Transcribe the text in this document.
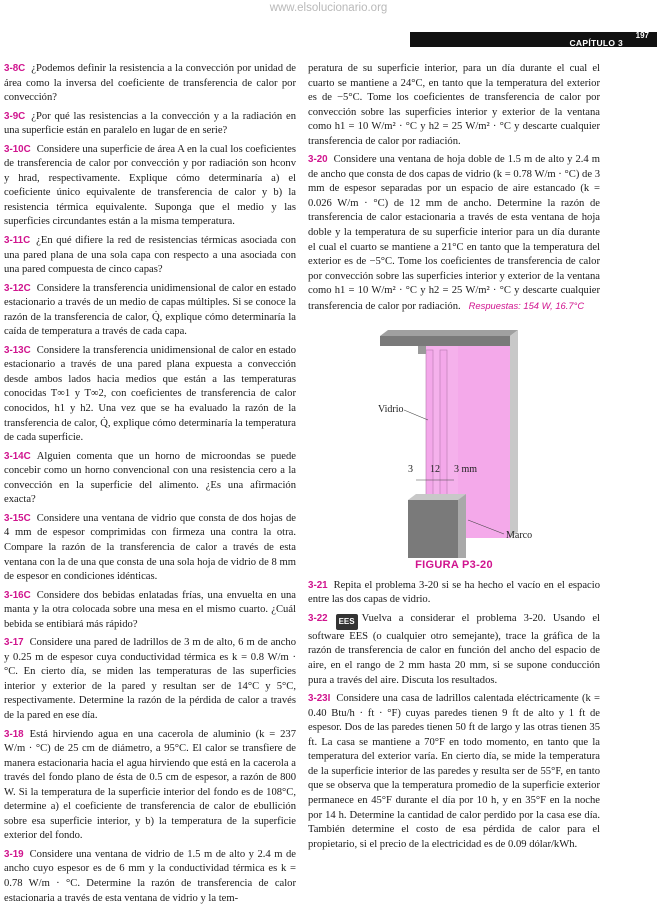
www.elsolucionario.org
197
CAPÍTULO 3

3-8C ¿Podemos definir la resistencia a la convección por unidad de área como la inversa del coeficiente de transferencia de calor por convección?

3-9C ¿Por qué las resistencias a la convección y a la radiación en una superficie están en paralelo en lugar de en serie?

3-10C Considere una superficie de área A en la cual los coeficientes de transferencia de calor por convección y por radiación son hconv y hrad, respectivamente. Explique cómo determinaría a) el coeficiente único equivalente de transferencia de calor y b) la resistencia térmica equivalente. Suponga que el medio y las superficies circundantes están a la misma temperatura.

3-11C ¿En qué difiere la red de resistencias térmicas asociada con una pared plana de una sola capa con respecto a una asociada con una pared compuesta de cinco capas?

3-12C Considere la transferencia unidimensional de calor en estado estacionario a través de un medio de capas múltiples. Si se conoce la razón de la transferencia de calor, Q̇, explique cómo determinaría la caída de temperatura a través de cada capa.

3-13C Considere la transferencia unidimensional de calor en estado estacionario a través de una pared plana expuesta a convección desde ambos lados hacia medios que están a las temperaturas conocidas T∞1 y T∞2, con coeficientes de transferencia de calor conocidos, h1 y h2. Una vez que se ha evaluado la razón de la transferencia de calor, Q̇, explique cómo determinaría la temperatura de cada superficie.

3-14C Alguien comenta que un horno de microondas se puede concebir como un horno convencional con una resistencia cero a la convección en la superficie del alimento. ¿Es una afirmación exacta?

3-15C Considere una ventana de vidrio que consta de dos hojas de 4 mm de espesor comprimidas con firmeza una contra la otra. Compare la razón de la transferencia de calor a través de esta ventana con la de una que consta de una sola hoja de vidrio de 8 mm de espesor en condiciones idénticas.

3-16C Considere dos bebidas enlatadas frías, una envuelta en una manta y la otra colocada sobre una mesa en el mismo cuarto. ¿Cuál bebida se entibiará más rápido?

3-17 Considere una pared de ladrillos de 3 m de alto, 6 m de ancho y 0.25 m de espesor cuya conductividad térmica es k = 0.8 W/m · °C. En cierto día, se miden las temperaturas de las superficies interior y exterior de la pared y resultan ser de 14°C y 5°C, respectivamente. Determine la razón de la pérdida de calor a través de la pared en ese día.

3-18 Está hirviendo agua en una cacerola de aluminio (k = 237 W/m · °C) de 25 cm de diámetro, a 95°C. El calor se transfiere de manera estacionaria hacia el agua hirviendo que está en la cacerola a través del fondo plano de ésta de 0.5 cm de espesor, a razón de 800 W. Si la temperatura de la superficie interior del fondo es de 108°C, determine a) el coeficiente de transferencia de calor de ebullición sobre esa superficie interior, y b) la temperatura de la superficie exterior del fondo.

3-19 Considere una ventana de vidrio de 1.5 m de alto y 2.4 m de ancho cuyo espesor es de 6 mm y la conductividad térmica es k = 0.78 W/m · °C. Determine la razón de transferencia de calor estacionaria a través de esta ventana de vidrio y la tem-

peratura de su superficie interior, para un día durante el cual el cuarto se mantiene a 24°C, en tanto que la temperatura del exterior es de −5°C. Tome los coeficientes de transferencia de calor por convección sobre las superficies interior y exterior de la ventana como h1 = 10 W/m² · °C y h2 = 25 W/m² · °C y descarte cualquier transferencia de calor por radiación.

3-20 Considere una ventana de hoja doble de 1.5 m de alto y 2.4 m de ancho que consta de dos capas de vidrio (k = 0.78 W/m · °C) de 3 mm de espesor separadas por un espacio de aire estancado (k = 0.026 W/m · °C) de 12 mm de ancho. Determine la razón de transferencia de calor estacionaria a través de esta ventana de hoja doble y la temperatura de su superficie interior para un día durante el cual el cuarto se mantiene a 21°C en tanto que la temperatura del exterior es de −5°C. Tome los coeficientes de transferencia de calor por convección sobre las superficies interior y exterior de la ventana como h1 = 10 W/m² · °C y h2 = 25 W/m² · °C y descarte cualquier transferencia de calor por radiación. Respuestas: 154 W, 16.7°C

Vidrio
3 12 3 mm
Marco
FIGURA P3-20

3-21 Repita el problema 3-20 si se ha hecho el vacío en el espacio entre las dos capas de vidrio.

3-22 EES Vuelva a considerar el problema 3-20. Usando el software EES (o cualquier otro semejante), trace la gráfica de la razón de transferencia de calor en función del ancho del espacio de aire, en el rango de 2 mm hasta 20 mm, si se supone conducción pura a través del aire. Discuta los resultados.

3-23I Considere una casa de ladrillos calentada eléctricamente (k = 0.40 Btu/h · ft · °F) cuyas paredes tienen 9 ft de alto y 1 ft de espesor. Dos de las paredes tienen 50 ft de largo y las otras tienen 35 ft. La casa se mantiene a 70°F en todo momento, en tanto que la temperatura del exterior varía. En cierto día, se mide la temperatura de la superficie interior de las paredes y resulta ser de 55°F, en tanto que se observa que la temperatura promedio de la superficie exterior permanece en 45°F durante el día por 10 h, y en 35°F en la noche por 14 h. Determine la cantidad de calor perdido por la casa ese día. También determine el costo de esa pérdida de calor para el propietario, si el precio de la electricidad es de 0.09 dólar/kWh.
